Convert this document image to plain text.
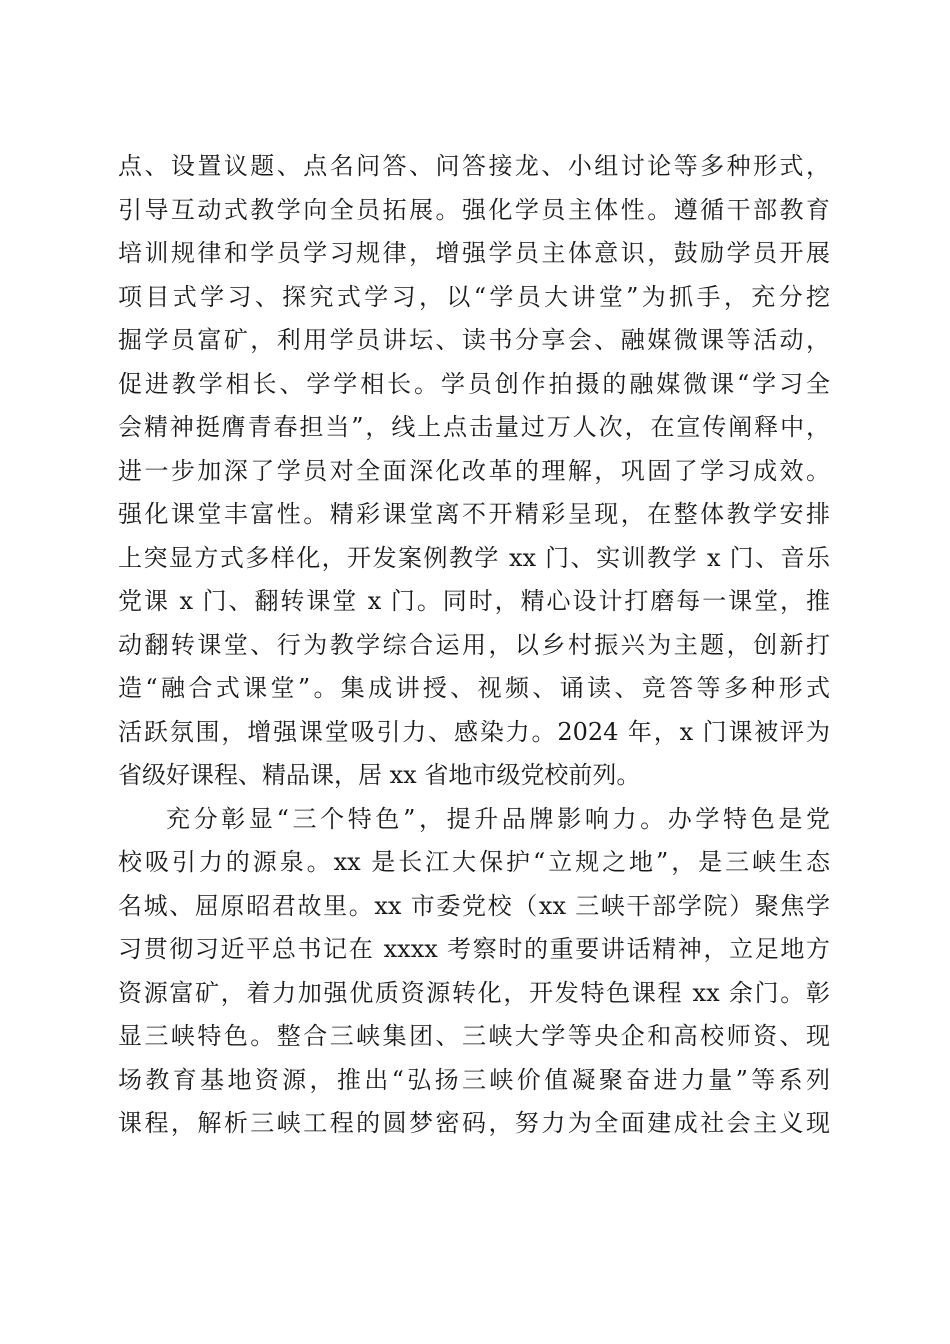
点、设置议题、点名问答、问答接龙、小组讨论等多种形式，
引导互动式教学向全员拓展。强化学员主体性。遵循干部教育
培训规律和学员学习规律，增强学员主体意识，鼓励学员开展
项目式学习、探究式学习，以“学员大讲堂”为抓手，充分挖
掘学员富矿，利用学员讲坛、读书分享会、融媒微课等活动，
促进教学相长、学学相长。学员创作拍摄的融媒微课“学习全
会精神挺膺青春担当”，线上点击量过万人次，在宣传阐释中，
进一步加深了学员对全面深化改革的理解，巩固了学习成效。
强化课堂丰富性。精彩课堂离不开精彩呈现，在整体教学安排
上突显方式多样化，开发案例教学 xx 门、实训教学 x 门、音乐
党课 x 门、翻转课堂 x 门。同时，精心设计打磨每一课堂，推
动翻转课堂、行为教学综合运用，以乡村振兴为主题，创新打
造“融合式课堂”。集成讲授、视频、诵读、竞答等多种形式
活跃氛围，增强课堂吸引力、感染力。2024 年，x 门课被评为
省级好课程、精品课，居 xx 省地市级党校前列。
充分彰显“三个特色”，提升品牌影响力。办学特色是党
校吸引力的源泉。xx 是长江大保护“立规之地”，是三峡生态
名城、屈原昭君故里。xx 市委党校（xx 三峡干部学院）聚焦学
习贯彻习近平总书记在 xxxx 考察时的重要讲话精神，立足地方
资源富矿，着力加强优质资源转化，开发特色课程 xx 余门。彰
显三峡特色。整合三峡集团、三峡大学等央企和高校师资、现
场教育基地资源，推出“弘扬三峡价值凝聚奋进力量”等系列
课程，解析三峡工程的圆梦密码，努力为全面建成社会主义现
